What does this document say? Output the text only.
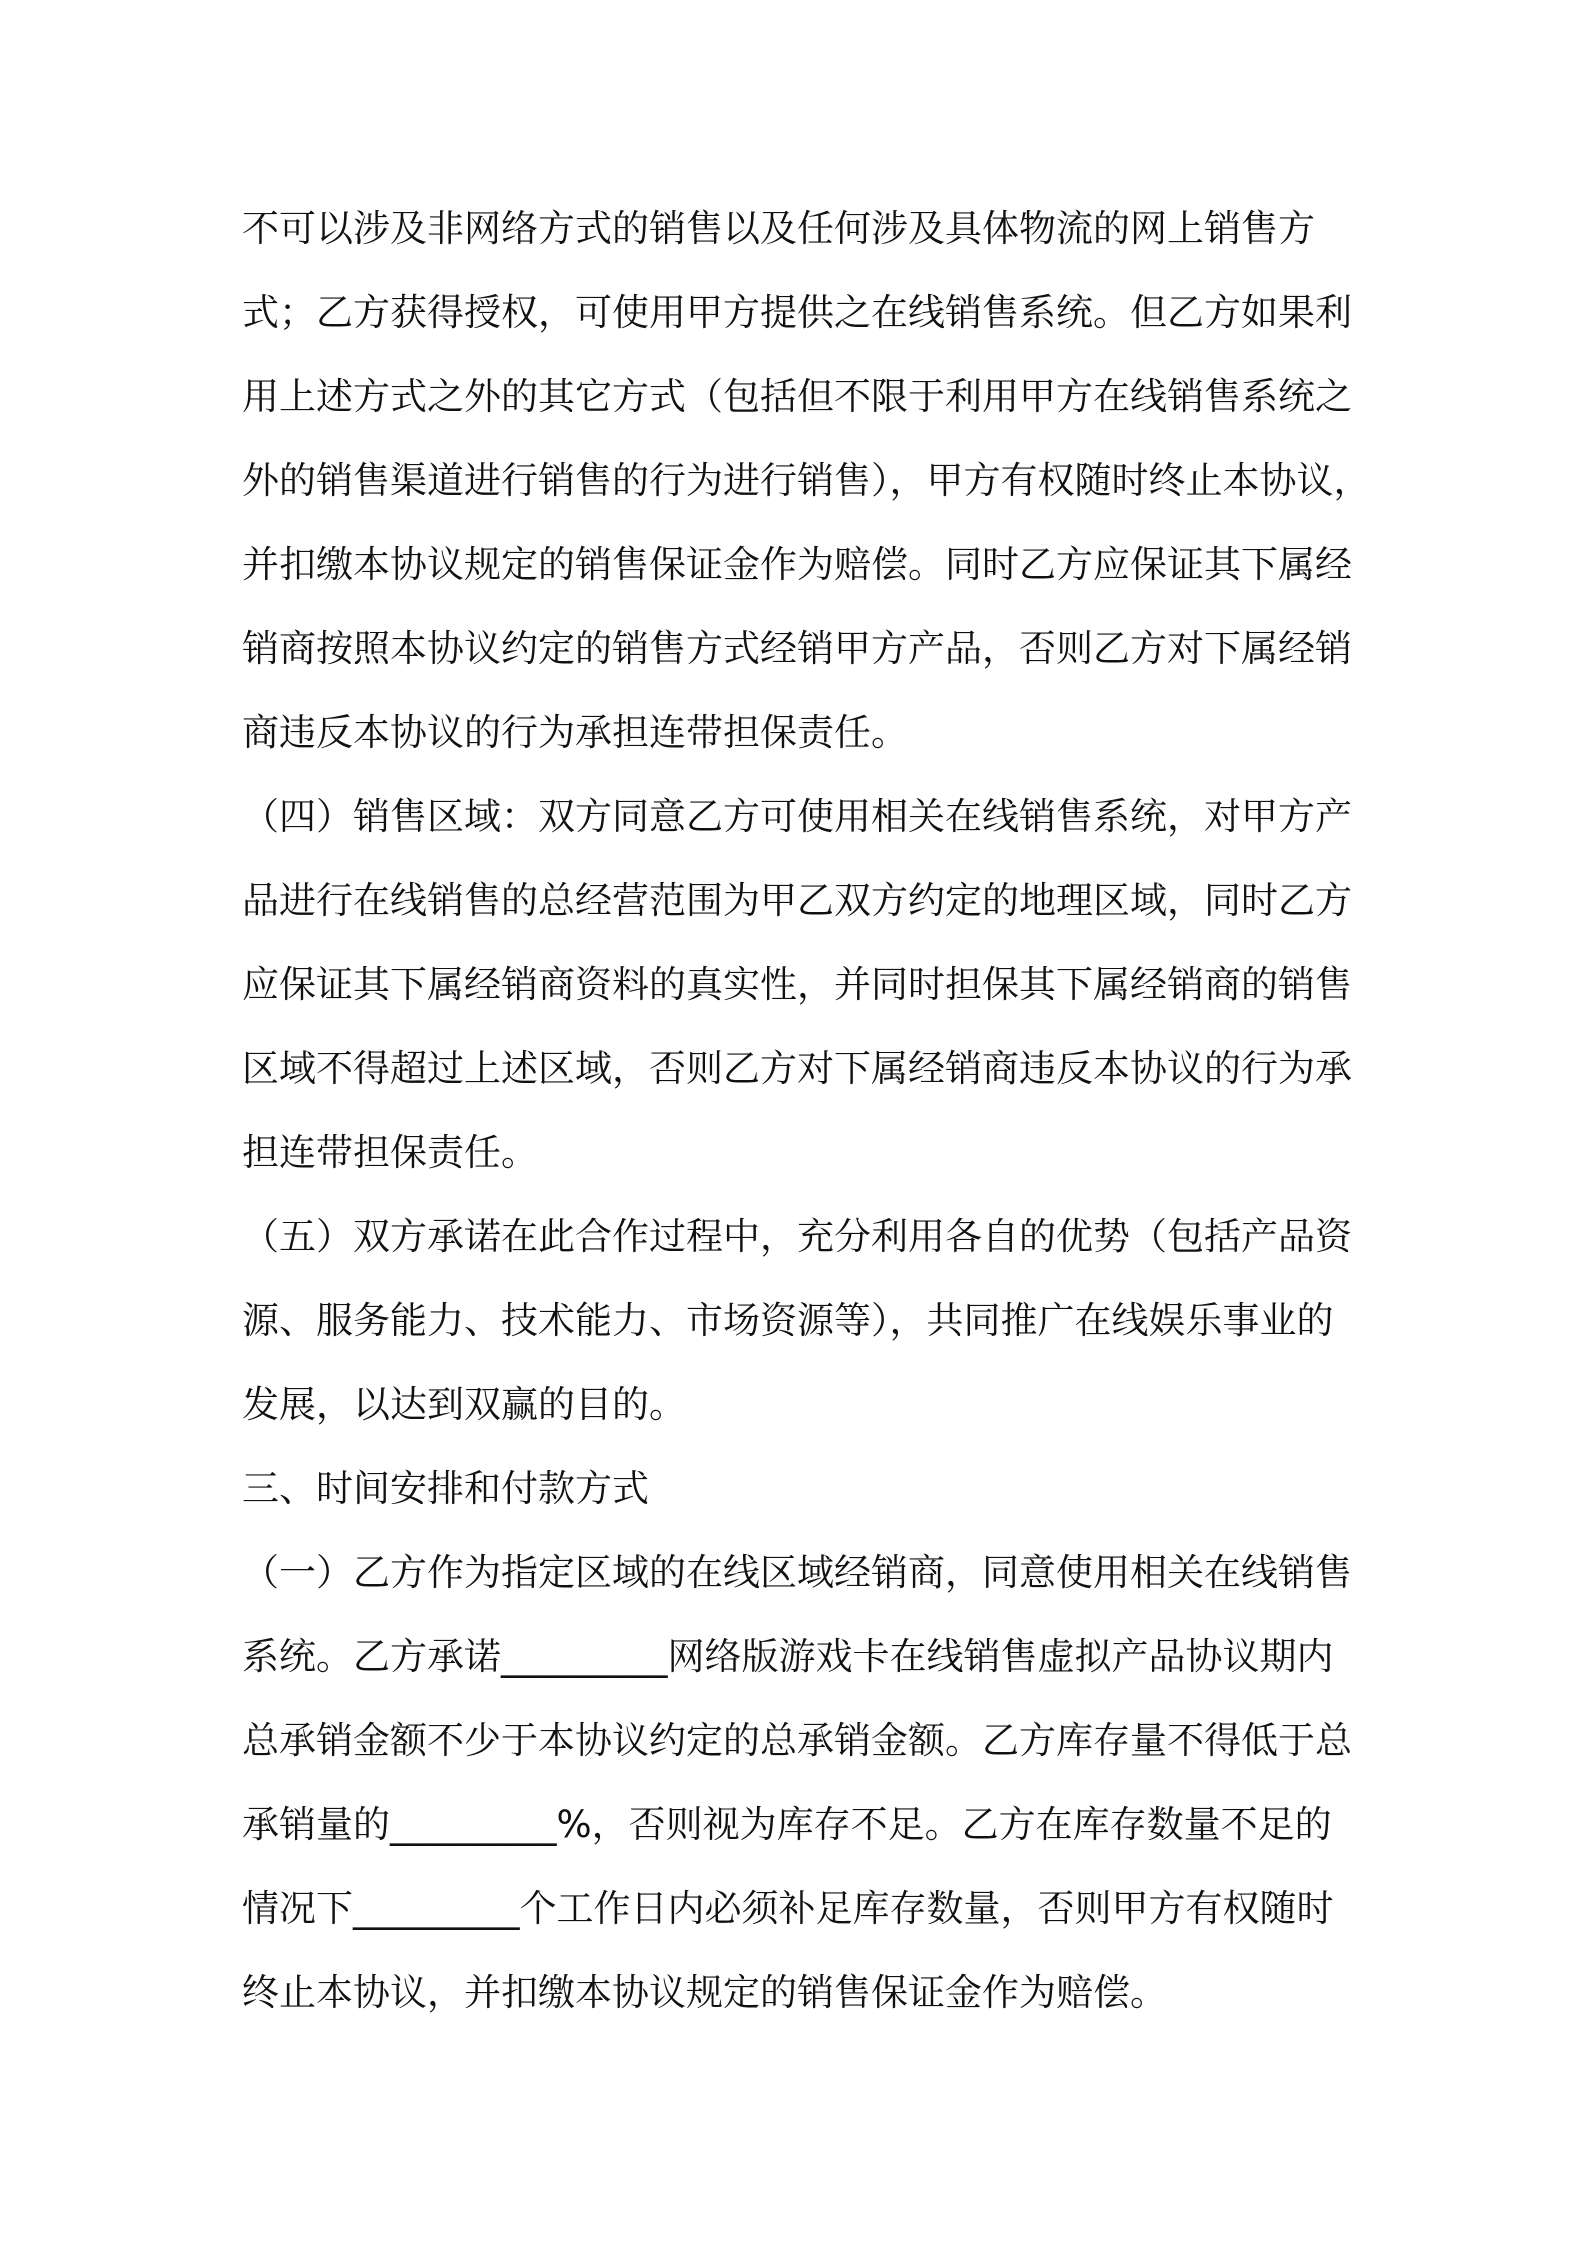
不可以涉及非网络方式的销售以及任何涉及具体物流的网上销售方
式；乙方获得授权，可使用甲方提供之在线销售系统。但乙方如果利
用上述方式之外的其它方式（包括但不限于利用甲方在线销售系统之
外的销售渠道进行销售的行为进行销售），甲方有权随时终止本协议，
并扣缴本协议规定的销售保证金作为赔偿。同时乙方应保证其下属经
销商按照本协议约定的销售方式经销甲方产品，否则乙方对下属经销
商违反本协议的行为承担连带担保责任。
（四）销售区域：双方同意乙方可使用相关在线销售系统，对甲方产
品进行在线销售的总经营范围为甲乙双方约定的地理区域，同时乙方
应保证其下属经销商资料的真实性，并同时担保其下属经销商的销售
区域不得超过上述区域，否则乙方对下属经销商违反本协议的行为承
担连带担保责任。
（五）双方承诺在此合作过程中，充分利用各自的优势（包括产品资
源、服务能力、技术能力、市场资源等），共同推广在线娱乐事业的
发展，以达到双赢的目的。
三、时间安排和付款方式
（一）乙方作为指定区域的在线区域经销商，同意使用相关在线销售
系统。乙方承诺_________网络版游戏卡在线销售虚拟产品协议期内
总承销金额不少于本协议约定的总承销金额。乙方库存量不得低于总
承销量的_________%，否则视为库存不足。乙方在库存数量不足的
情况下_________个工作日内必须补足库存数量，否则甲方有权随时
终止本协议，并扣缴本协议规定的销售保证金作为赔偿。
